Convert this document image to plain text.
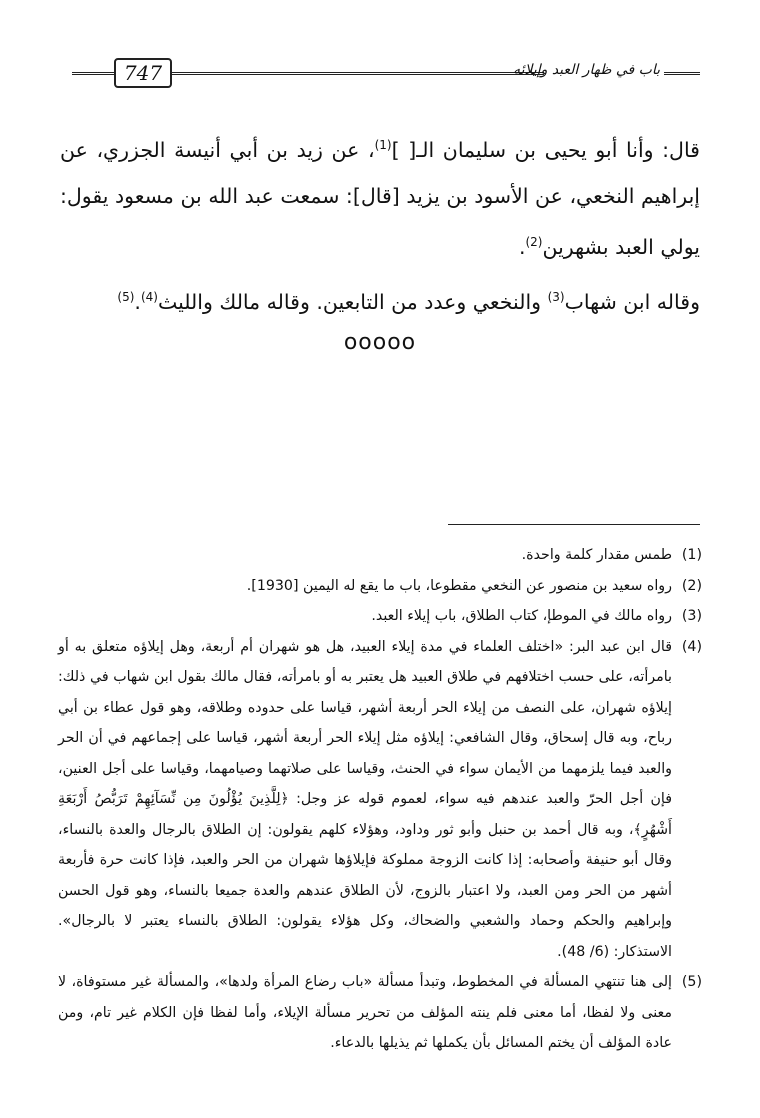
747	باب في ظهار العبد وإيلائه

قال: وأنا أبو يحيى بن سليمان الـ[ ]$^{(1)}$، عن زيد بن أبي أنيسة الجزري، عن إبراهيم النخعي، عن الأسود بن يزيد [قال]: سمعت عبد الله بن مسعود يقول: يولي العبد بشهرين$^{(2)}$.

وقاله ابن شهاب$^{(3)}$ والنخعي وعدد من التابعين. وقاله مالك والليث$^{(4)}$.$^{(5)}$

ooooo

(1)طمس مقدار كلمة واحدة.

(2)رواه سعيد بن منصور عن النخعي مقطوعا، باب ما يقع له اليمين [1930].

(3)رواه مالك في الموطإ، كتاب الطلاق، باب إيلاء العبد.

(4)قال ابن عبد البر: «اختلف العلماء في مدة إيلاء العبيد، هل هو شهران أم أربعة، وهل إيلاؤه متعلق به أو بامرأته، على حسب اختلافهم في طلاق العبيد هل يعتبر به أو بامرأته، فقال مالك بقول ابن شهاب في ذلك: إيلاؤه شهران، على النصف من إيلاء الحر أربعة أشهر، قياسا على حدوده وطلاقه، وهو قول عطاء بن أبي رباح، وبه قال إسحاق، وقال الشافعي: إيلاؤه مثل إيلاء الحر أربعة أشهر، قياسا على إجماعهم في أن الحر والعبد فيما يلزمهما من الأيمان سواء في الحنث، وقياسا على صلاتهما وصيامهما، وقياسا على أجل العنين، فإن أجل الحرّ والعبد عندهم فيه سواء، لعموم قوله عز وجل: ﴿لِلَّذِينَ يُؤْلُونَ مِن نِّسَآئِهِمْ تَرَبُّصُ أَرْبَعَةِ أَشْهُرٍ﴾، وبه قال أحمد بن حنبل وأبو ثور وداود، وهؤلاء كلهم يقولون: إن الطلاق بالرجال والعدة بالنساء، وقال أبو حنيفة وأصحابه: إذا كانت الزوجة مملوكة فإيلاؤها شهران من الحر والعبد، فإذا كانت حرة فأربعة أشهر من الحر ومن العبد، ولا اعتبار بالزوج، لأن الطلاق عندهم والعدة جميعا بالنساء، وهو قول الحسن وإبراهيم والحكم وحماد والشعبي والضحاك، وكل هؤلاء يقولون: الطلاق بالنساء يعتبر لا بالرجال». الاستذكار: (6/ 48).

(5)إلى هنا تنتهي المسألة في المخطوط، وتبدأ مسألة «باب رضاع المرأة ولدها»، والمسألة غير مستوفاة، لا معنى ولا لفظا، أما معنى فلم ينته المؤلف من تحرير مسألة الإيلاء، وأما لفظا فإن الكلام غير تام، ومن عادة المؤلف أن يختم المسائل بأن يكملها ثم يذيلها بالدعاء.
